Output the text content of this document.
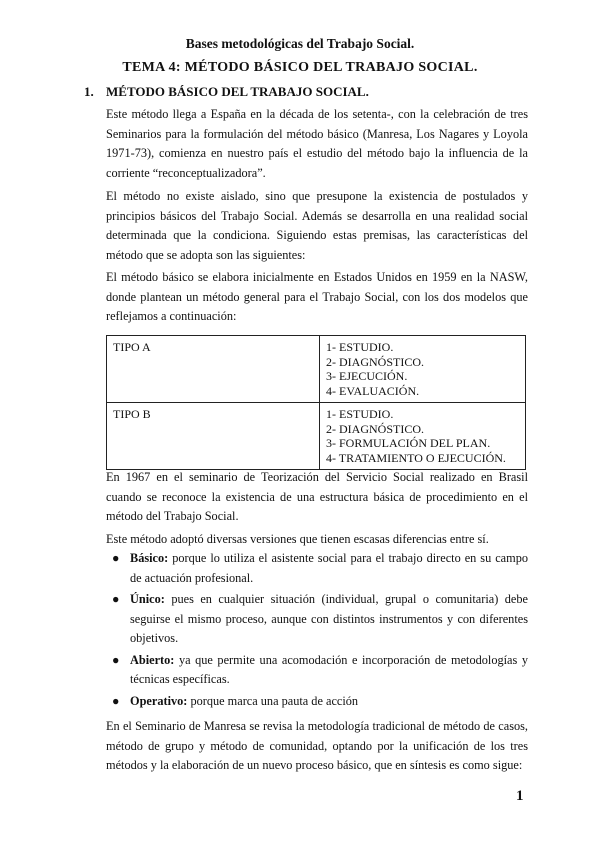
Bases metodológicas del Trabajo Social.
TEMA 4: MÉTODO BÁSICO DEL TRABAJO SOCIAL.
1. MÉTODO BÁSICO DEL TRABAJO SOCIAL.
Este método llega a España en la década de los setenta-, con la celebración de tres Seminarios para la formulación del método básico (Manresa, Los Nagares y Loyola 1971-73), comienza en nuestro país el estudio del método bajo la influencia de la corriente “reconceptualizadora”.
El método no existe aislado, sino que presupone la existencia de postulados y principios básicos del Trabajo Social. Además se desarrolla en una realidad social determinada que la condiciona. Siguiendo estas premisas, las características del método que se adopta son las siguientes:
El método básico se elabora inicialmente en Estados Unidos en 1959 en la NASW, donde plantean un método general para el Trabajo Social, con los dos modelos que reflejamos a continuación:
TIPO A	1- ESTUDIO.
2- DIAGNÓSTICO.
3- EJECUCIÓN.
4- EVALUACIÓN.

TIPO B	1- ESTUDIO.
2- DIAGNÓSTICO.
3- FORMULACIÓN DEL PLAN.
4- TRATAMIENTO O EJECUCIÓN.
En 1967 en el seminario de Teorización del Servicio Social realizado en Brasil cuando se reconoce la existencia de una estructura básica de procedimiento en el método del Trabajo Social.
Este método adoptó diversas versiones que tienen escasas diferencias entre sí.
● Básico: porque lo utiliza el asistente social para el trabajo directo en su campo de actuación profesional.
● Único: pues en cualquier situación (individual, grupal o comunitaria) debe seguirse el mismo proceso, aunque con distintos instrumentos y con diferentes objetivos.
● Abierto: ya que permite una acomodación e incorporación de metodologías y técnicas específicas.
● Operativo: porque marca una pauta de acción
En el Seminario de Manresa se revisa la metodología tradicional de método de casos, método de grupo y método de comunidad, optando por la unificación de los tres métodos y la elaboración de un nuevo proceso básico, que en síntesis es como sigue:
1
